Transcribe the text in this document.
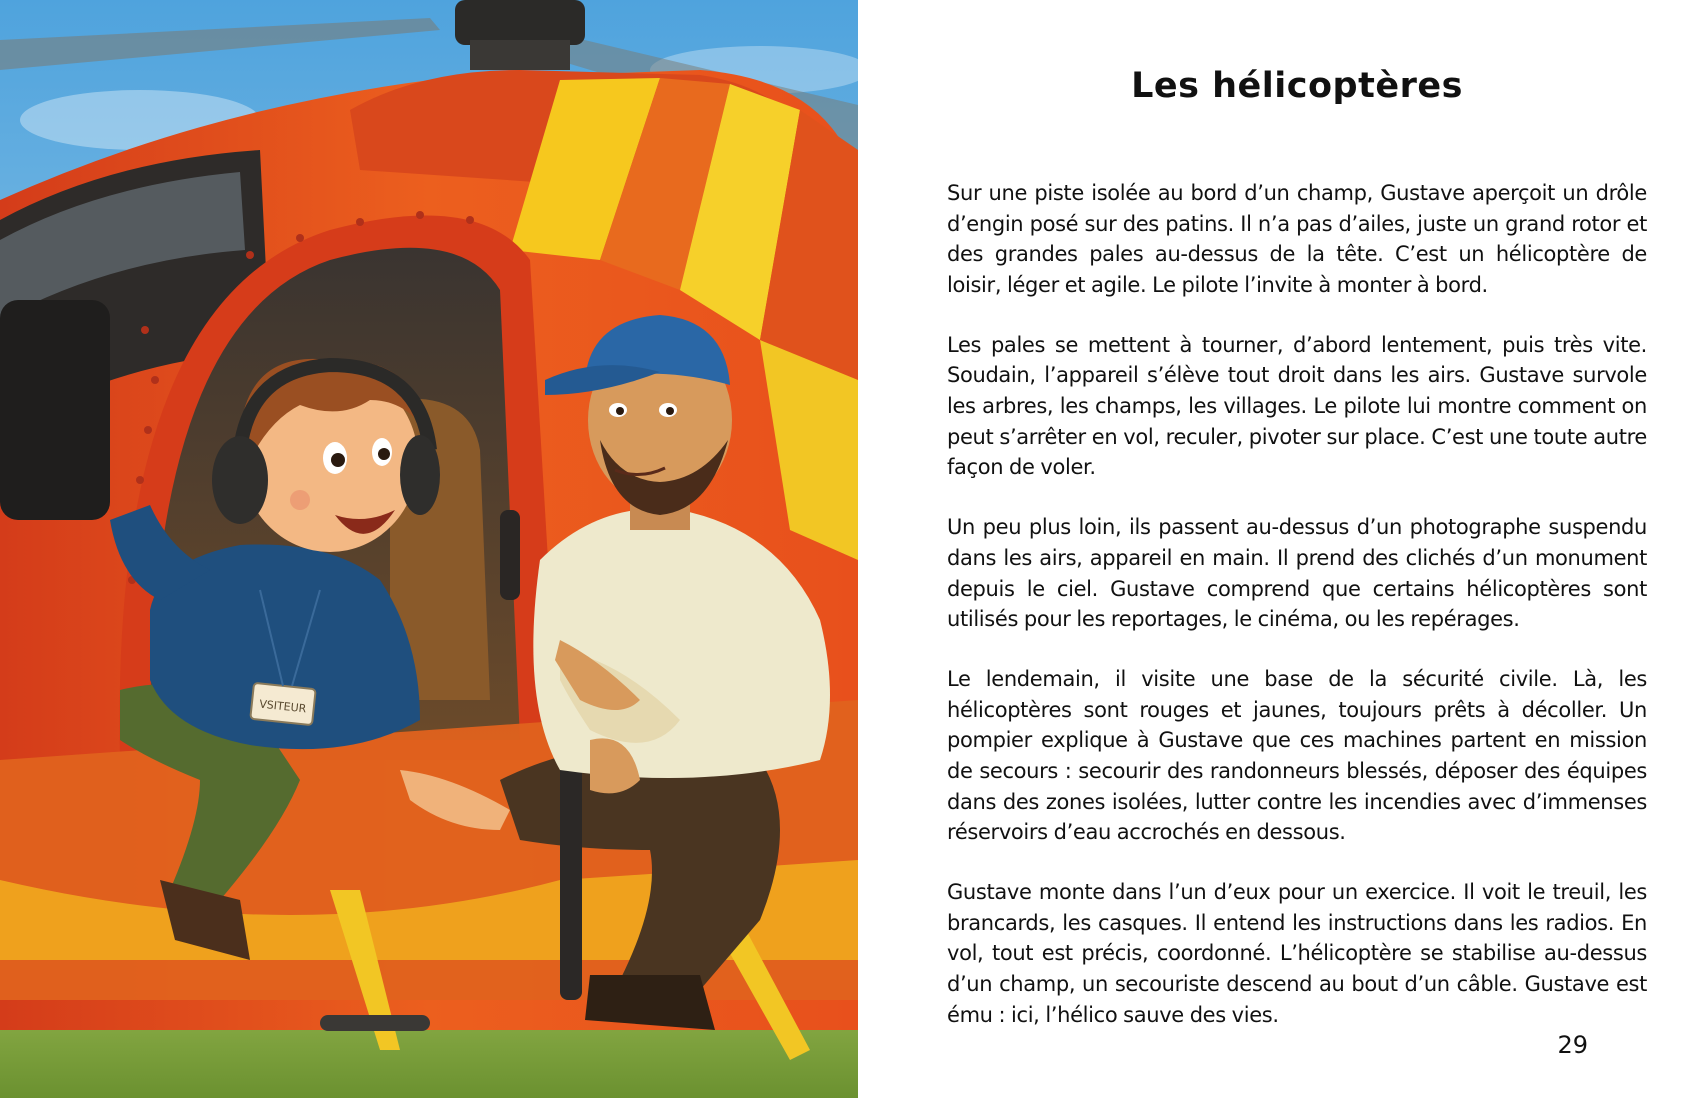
VSITEUR
Les hélicoptères

Sur une piste isolée au bord d’un champ, Gustave aperçoit un drôle d’engin posé sur des patins. Il n’a pas d’ailes, juste un grand rotor et des grandes pales au-dessus de la tête. C’est un hélicoptère de loisir, léger et agile. Le pilote l’invite à monter à bord.

Les pales se mettent à tourner, d’abord lentement, puis très vite. Soudain, l’appareil s’élève tout droit dans les airs. Gustave survole les arbres, les champs, les villages. Le pilote lui montre comment on peut s’arrêter en vol, reculer, pivoter sur place. C’est une toute autre façon de voler.

Un peu plus loin, ils passent au-dessus d’un photographe suspendu dans les airs, appareil en main. Il prend des clichés d’un monument depuis le ciel. Gustave comprend que certains hélicoptères sont utilisés pour les reportages, le cinéma, ou les repérages.

Le lendemain, il visite une base de la sécurité civile. Là, les hélicoptères sont rouges et jaunes, toujours prêts à décoller. Un pompier explique à Gustave que ces machines partent en mission de secours : secourir des randonneurs blessés, déposer des équipes dans des zones isolées, lutter contre les incendies avec d’immenses réservoirs d’eau accrochés en dessous.

Gustave monte dans l’un d’eux pour un exercice. Il voit le treuil, les brancards, les casques. Il entend les instructions dans les radios. En vol, tout est précis, coordonné. L’hélicoptère se stabilise au-dessus d’un champ, un secouriste descend au bout d’un câble. Gustave est ému : ici, l’hélico sauve des vies.

29
